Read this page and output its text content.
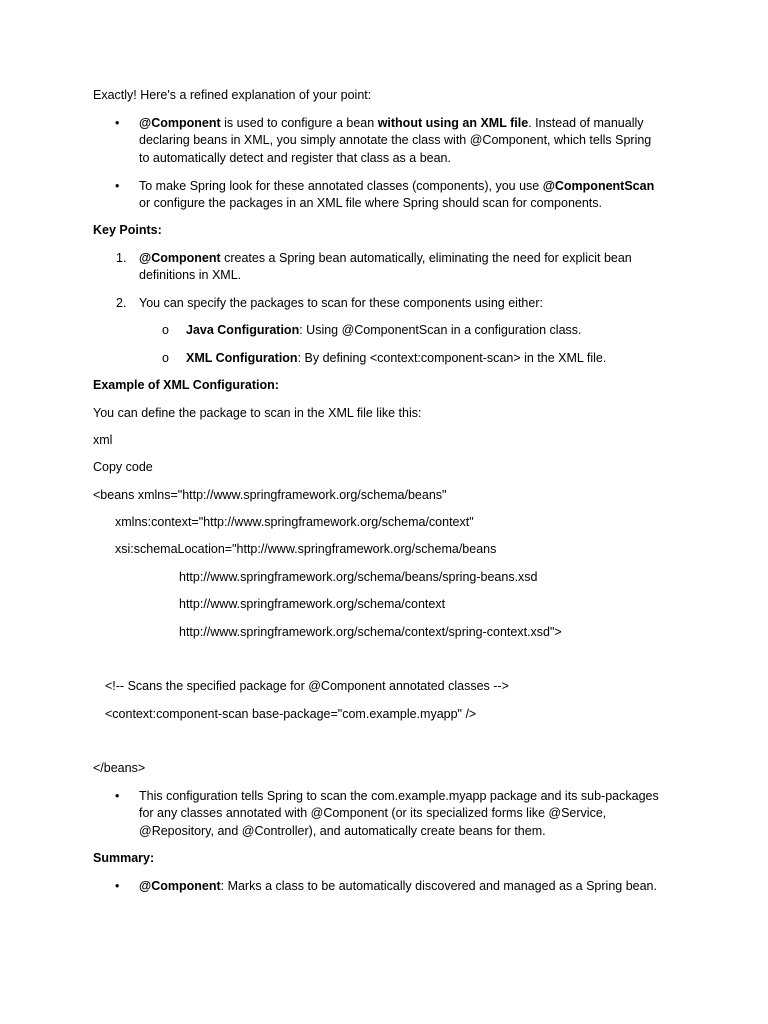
Exactly! Here's a refined explanation of your point:
• @Component is used to configure a bean without using an XML file. Instead of manually
declaring beans in XML, you simply annotate the class with @Component, which tells Spring
to automatically detect and register that class as a bean.
• To make Spring look for these annotated classes (components), you use @ComponentScan
or configure the packages in an XML file where Spring should scan for components.
Key Points:
1. @Component creates a Spring bean automatically, eliminating the need for explicit bean
definitions in XML.
2. You can specify the packages to scan for these components using either:
o Java Configuration: Using @ComponentScan in a configuration class.
o XML Configuration: By defining <context:component-scan> in the XML file.
Example of XML Configuration:
You can define the package to scan in the XML file like this:
xml
Copy code
<beans xmlns="http://www.springframework.org/schema/beans"
xmlns:context="http://www.springframework.org/schema/context"
xsi:schemaLocation="http://www.springframework.org/schema/beans
http://www.springframework.org/schema/beans/spring-beans.xsd
http://www.springframework.org/schema/context
http://www.springframework.org/schema/context/spring-context.xsd">
<!-- Scans the specified package for @Component annotated classes -->
<context:component-scan base-package="com.example.myapp" />
</beans>
• This configuration tells Spring to scan the com.example.myapp package and its sub-packages
for any classes annotated with @Component (or its specialized forms like @Service,
@Repository, and @Controller), and automatically create beans for them.
Summary:
• @Component: Marks a class to be automatically discovered and managed as a Spring bean.
